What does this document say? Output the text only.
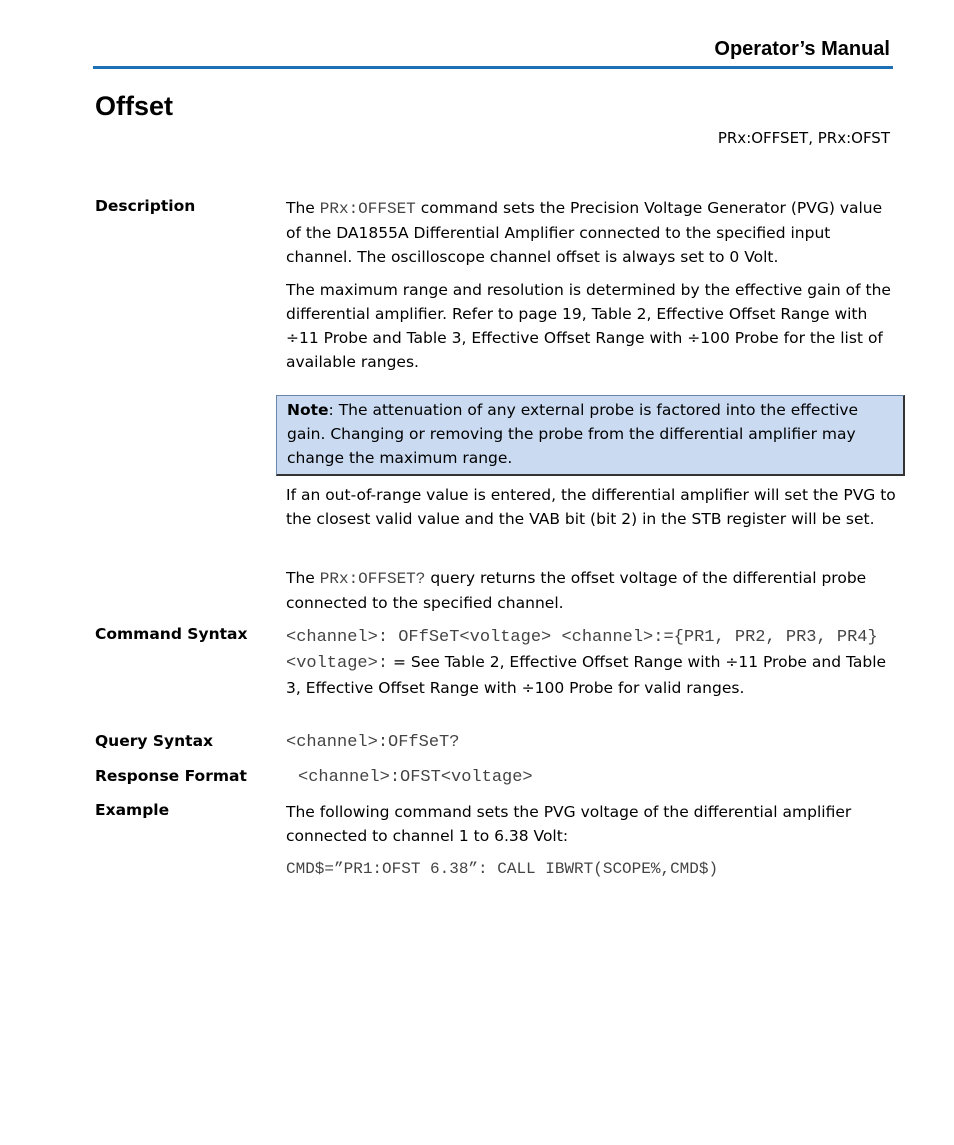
Operator’s Manual
Offset
PRx:OFFSET, PRx:OFST
Description	The PRx:OFFSET command sets the Precision Voltage Generator (PVG) value of the DA1855A Differential Amplifier connected to the specified input channel. The oscilloscope channel offset is always set to 0 Volt.
The maximum range and resolution is determined by the effective gain of the differential amplifier. Refer to page 19, Table 2, Effective Offset Range with ÷11 Probe and Table 3, Effective Offset Range with ÷100 Probe for the list of available ranges.
Note: The attenuation of any external probe is factored into the effective gain. Changing or removing the probe from the differential amplifier may change the maximum range.
If an out-of-range value is entered, the differential amplifier will set the PVG to the closest valid value and the VAB bit (bit 2) in the STB register will be set.
The PRx:OFFSET? query returns the offset voltage of the differential probe connected to the specified channel.
Command Syntax <channel>: OFfSeT<voltage> <channel>:={PR1, PR2, PR3, PR4} <voltage>: = See Table 2, Effective Offset Range with ÷11 Probe and Table 3, Effective Offset Range with ÷100 Probe for valid ranges.
Query Syntax	<channel>:OFfSeT?
Response Format	<channel>:OFST<voltage>
Example	The following command sets the PVG voltage of the differential amplifier connected to channel 1 to 6.38 Volt:
CMD$=”PR1:OFST 6.38”: CALL IBWRT(SCOPE%,CMD$)
